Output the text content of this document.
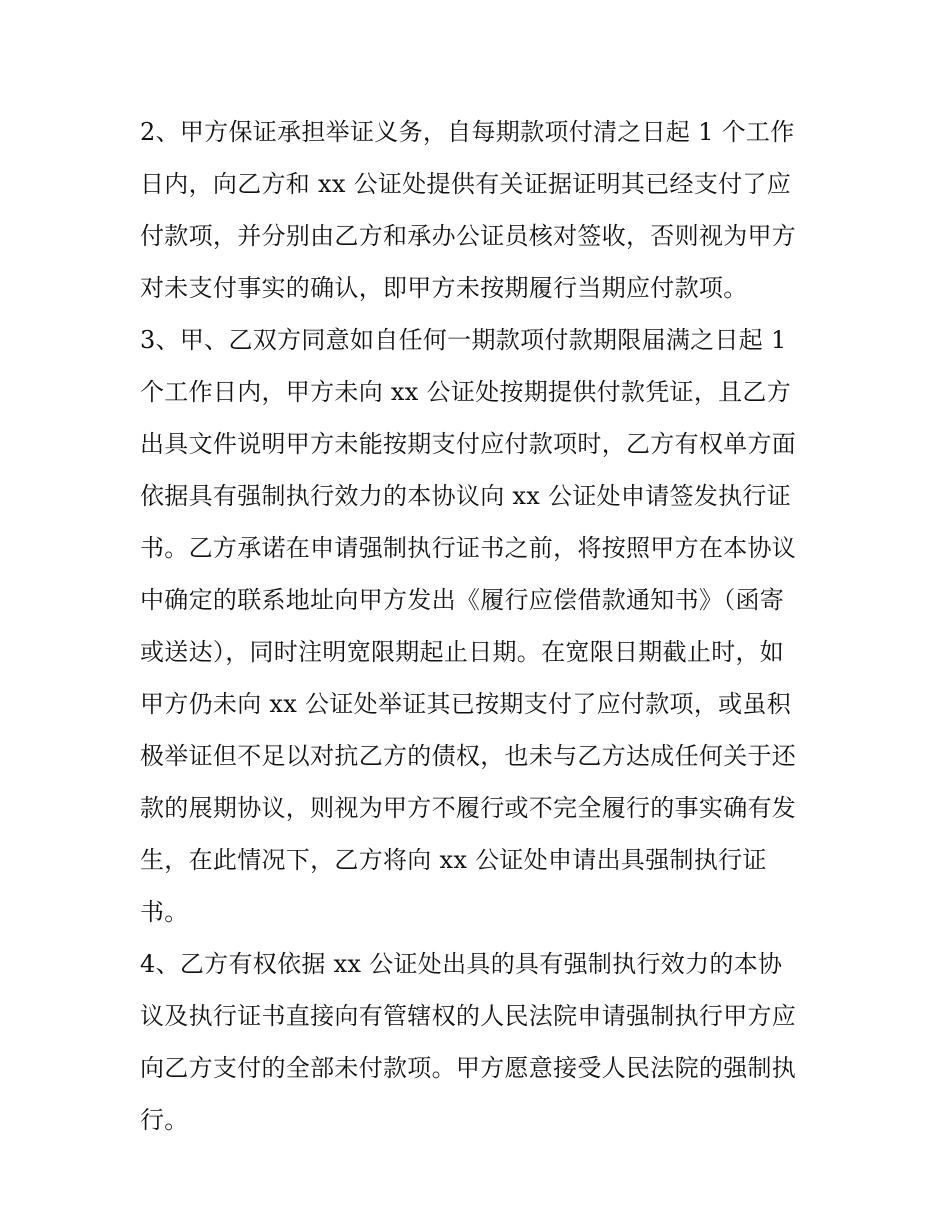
2、甲方保证承担举证义务，自每期款项付清之日起 1 个工作
日内，向乙方和 xx 公证处提供有关证据证明其已经支付了应
付款项，并分别由乙方和承办公证员核对签收，否则视为甲方
对未支付事实的确认，即甲方未按期履行当期应付款项。
3、甲、乙双方同意如自任何一期款项付款期限届满之日起 1
个工作日内，甲方未向 xx 公证处按期提供付款凭证，且乙方
出具文件说明甲方未能按期支付应付款项时，乙方有权单方面
依据具有强制执行效力的本协议向 xx 公证处申请签发执行证
书。乙方承诺在申请强制执行证书之前，将按照甲方在本协议
中确定的联系地址向甲方发出《履行应偿借款通知书》（函寄
或送达），同时注明宽限期起止日期。在宽限日期截止时，如
甲方仍未向 xx 公证处举证其已按期支付了应付款项，或虽积
极举证但不足以对抗乙方的债权，也未与乙方达成任何关于还
款的展期协议，则视为甲方不履行或不完全履行的事实确有发
生，在此情况下，乙方将向 xx 公证处申请出具强制执行证
书。
4、乙方有权依据 xx 公证处出具的具有强制执行效力的本协
议及执行证书直接向有管辖权的人民法院申请强制执行甲方应
向乙方支付的全部未付款项。甲方愿意接受人民法院的强制执
行。
